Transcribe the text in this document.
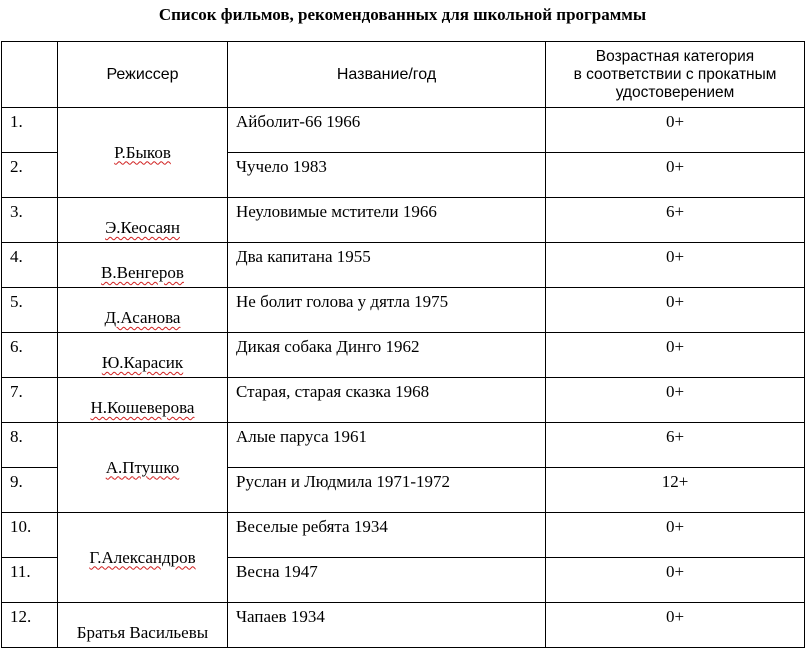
Список фильмов, рекомендованных для школьной программы

	Режиссер	Название/год	Возрастная категория
в соответствии с прокатным
удостоверением

1.	Р.Быков	Айболит-66 1966	0+
2.		Чучело 1983	0+
3.	Э.Кеосаян	Неуловимые мстители 1966	6+
4.	В.Венгеров	Два капитана 1955	0+
5.	Д.Асанова	Не болит голова у дятла 1975	0+
6.	Ю.Карасик	Дикая собака Динго 1962	0+
7.	Н.Кошеверова	Старая, старая сказка 1968	0+
8.	А.Птушко	Алые паруса 1961	6+
9.		Руслан и Людмила 1971-1972	12+
10.	Г.Александров	Веселые ребята 1934	0+
11.		Весна 1947	0+
12.	Братья Васильевы	Чапаев 1934	0+
